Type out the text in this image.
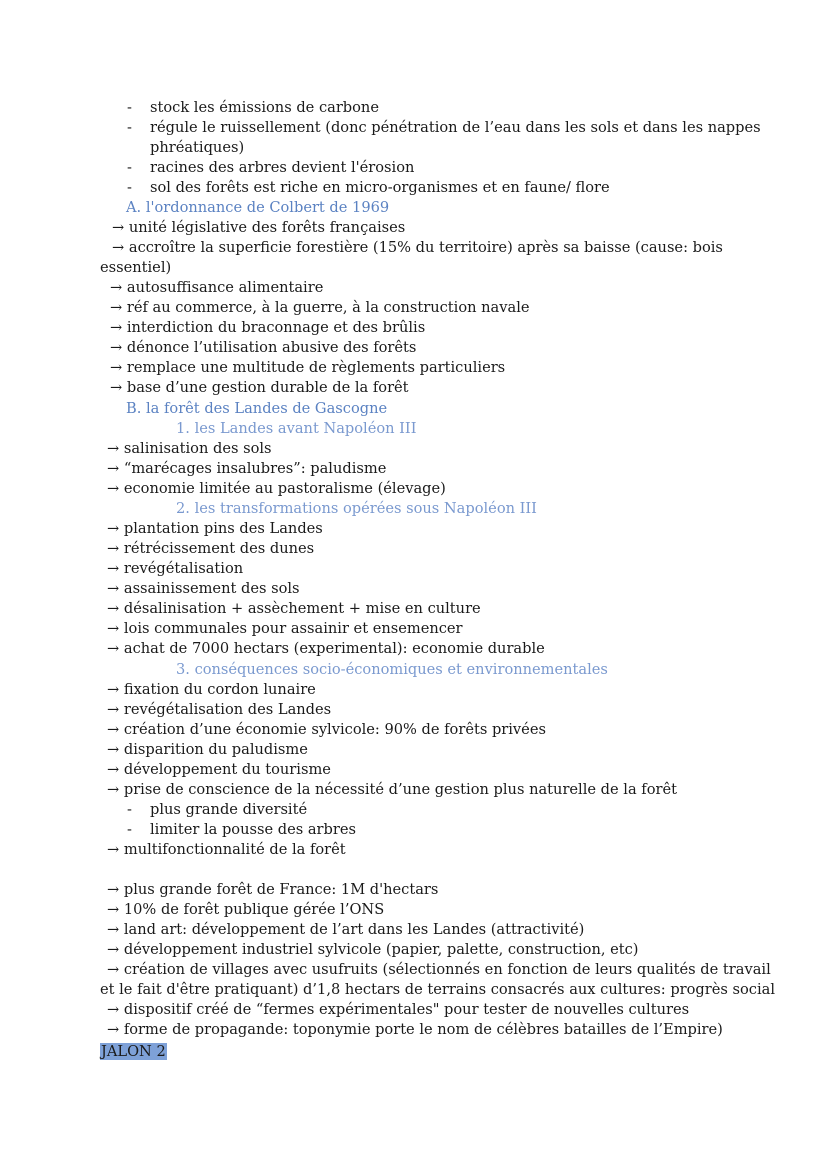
- stock les émissions de carbone
- régule le ruissellement (donc pénétration de l’eau dans les sols et dans les nappes
phréatiques)
- racines des arbres devient l'érosion
- sol des forêts est riche en micro-organismes et en faune/ flore
A. l'ordonnance de Colbert de 1969
→ unité législative des forêts françaises
→ accroître la superficie forestière (15% du territoire) après sa baisse (cause: bois
essentiel)
→ autosuffisance alimentaire
→ réf au commerce, à la guerre, à la construction navale
→ interdiction du braconnage et des brûlis
→ dénonce l’utilisation abusive des forêts
→ remplace une multitude de règlements particuliers
→ base d’une gestion durable de la forêt
B. la forêt des Landes de Gascogne
1. les Landes avant Napoléon III
→ salinisation des sols
→ “marécages insalubres”: paludisme
→ economie limitée au pastoralisme (élevage)
2. les transformations opérées sous Napoléon III
→ plantation pins des Landes
→ rétrécissement des dunes
→ revégétalisation
→ assainissement des sols
→ désalinisation + assèchement + mise en culture
→ lois communales pour assainir et ensemencer
→ achat de 7000 hectars (experimental): economie durable
3. conséquences socio-économiques et environnementales
→ fixation du cordon lunaire
→ revégétalisation des Landes
→ création d’une économie sylvicole: 90% de forêts privées
→ disparition du paludisme
→ développement du tourisme
→ prise de conscience de la nécessité d’une gestion plus naturelle de la forêt
- plus grande diversité
- limiter la pousse des arbres
→ multifonctionnalité de la forêt
→ plus grande forêt de France: 1M d'hectars
→ 10% de forêt publique gérée l’ONS
→ land art: développement de l’art dans les Landes (attractivité)
→ développement industriel sylvicole (papier, palette, construction, etc)
→ création de villages avec usufruits (sélectionnés en fonction de leurs qualités de travail
et le fait d'être pratiquant) d’1,8 hectars de terrains consacrés aux cultures: progrès social
→ dispositif créé de “fermes expérimentales" pour tester de nouvelles cultures
→ forme de propagande: toponymie porte le nom de célèbres batailles de l’Empire)
JALON 2
